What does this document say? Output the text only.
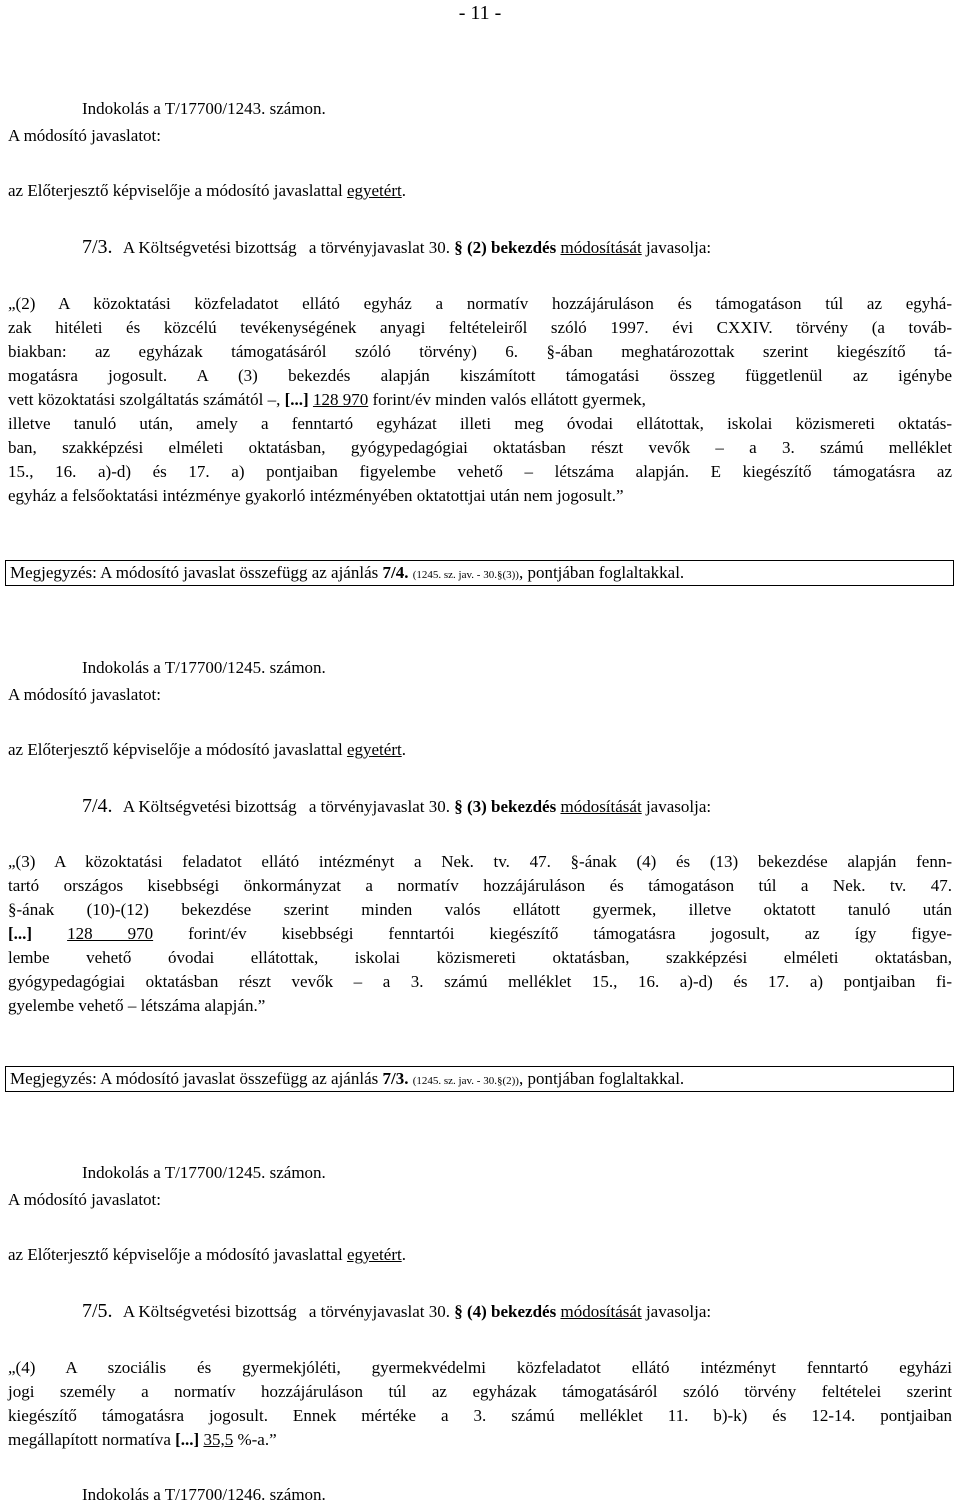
- 11 -
Indokolás a T/17700/1243. számon.
A módosító javaslatot:
az Előterjesztő képviselője a módosító javaslattal egyetért.
7/3. A Költségvetési bizottság a törvényjavaslat 30. § (2) bekezdés módosítását javasolja:
„(2) A közoktatási közfeladatot ellátó egyház a normatív hozzájáruláson és támogatáson túl az egyhá-
zak hitéleti és közcélú tevékenységének anyagi feltételeiről szóló 1997. évi CXXIV. törvény (a továb-
biakban: az egyházak támogatásáról szóló törvény) 6. §-ában meghatározottak szerint kiegészítő tá-
mogatásra jogosult. A (3) bekezdés alapján kiszámított támogatási összeg függetlenül az igénybe
vett közoktatási szolgáltatás számától –, [...] 128 970 forint/év minden valós ellátott gyermek,
illetve tanuló után, amely a fenntartó egyházat illeti meg óvodai ellátottak, iskolai közismereti oktatás-
ban, szakképzési elméleti oktatásban, gyógypedagógiai oktatásban részt vevők – a 3. számú melléklet
15., 16. a)-d) és 17. a) pontjaiban figyelembe vehető – létszáma alapján. E kiegészítő támogatásra az
egyház a felsőoktatási intézménye gyakorló intézményében oktatottjai után nem jogosult.”
Megjegyzés: A módosító javaslat összefügg az ajánlás 7/4. (1245. sz. jav. - 30.§(3)), pontjában foglaltakkal.
Indokolás a T/17700/1245. számon.
A módosító javaslatot:
az Előterjesztő képviselője a módosító javaslattal egyetért.
7/4. A Költségvetési bizottság a törvényjavaslat 30. § (3) bekezdés módosítását javasolja:
„(3) A közoktatási feladatot ellátó intézményt a Nek. tv. 47. §-ának (4) és (13) bekezdése alapján fenn-
tartó országos kisebbségi önkormányzat a normatív hozzájáruláson és támogatáson túl a Nek. tv. 47.
§-ának (10)-(12) bekezdése szerint minden valós ellátott gyermek, illetve oktatott tanuló után
[...] 128 970 forint/év kisebbségi fenntartói kiegészítő támogatásra jogosult, az így figye-
lembe vehető óvodai ellátottak, iskolai közismereti oktatásban, szakképzési elméleti oktatásban,
gyógypedagógiai oktatásban részt vevők – a 3. számú melléklet 15., 16. a)-d) és 17. a) pontjaiban fi-
gyelembe vehető – létszáma alapján.”
Megjegyzés: A módosító javaslat összefügg az ajánlás 7/3. (1245. sz. jav. - 30.§(2)), pontjában foglaltakkal.
Indokolás a T/17700/1245. számon.
A módosító javaslatot:
az Előterjesztő képviselője a módosító javaslattal egyetért.
7/5. A Költségvetési bizottság a törvényjavaslat 30. § (4) bekezdés módosítását javasolja:
„(4) A szociális és gyermekjóléti, gyermekvédelmi közfeladatot ellátó intézményt fenntartó egyházi
jogi személy a normatív hozzájáruláson túl az egyházak támogatásáról szóló törvény feltételei szerint
kiegészítő támogatásra jogosult. Ennek mértéke a 3. számú melléklet 11. b)-k) és 12-14. pontjaiban
megállapított normatíva [...] 35,5 %-a.”
Indokolás a T/17700/1246. számon.
